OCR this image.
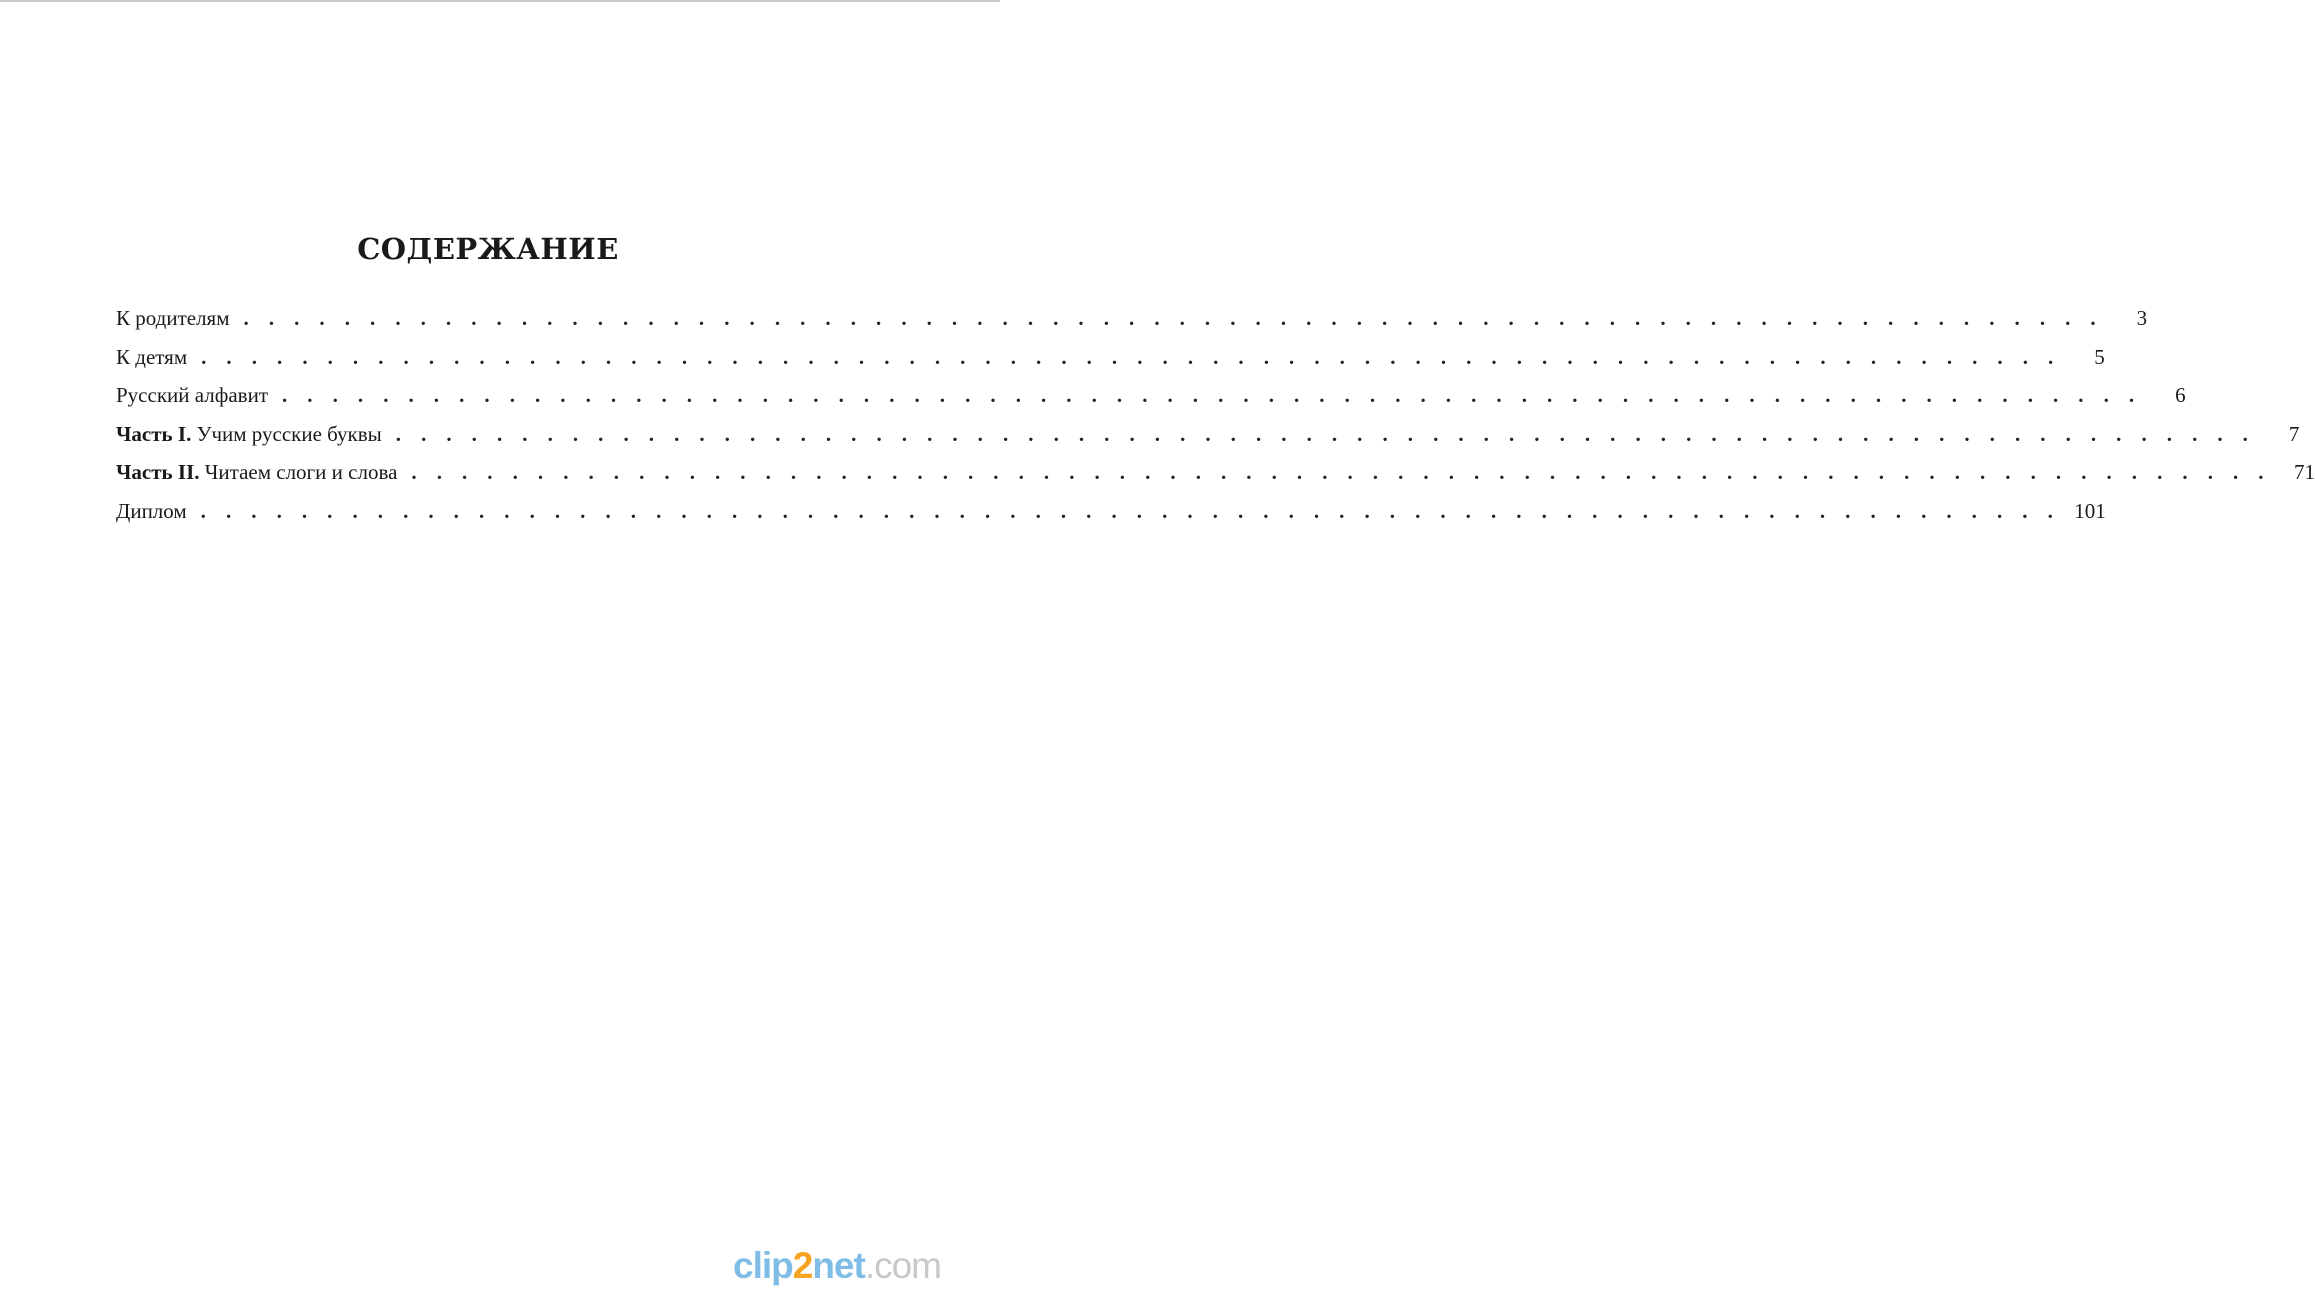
СОДЕРЖАНИЕ
К родителям . . . . . . . . . . . . . . . . . . . . . . . . . . . . . . . . . . . . . . . . . . . . . . . . . . . . . . . . . . . . . . . . . . . . . . . . . .	3
К детям . . . . . . . . . . . . . . . . . . . . . . . . . . . . . . . . . . . . . . . . . . . . . . . . . . . . . . . . . . . . . . . . . . . . . . . . . .	5
Русский алфавит . . . . . . . . . . . . . . . . . . . . . . . . . . . . . . . . . . . . . . . . . . . . . . . . . . . . . . . . . . . . . . . . . . . . . . . . . .	6
Часть I. Учим русские буквы . . . . . . . . . . . . . . . . . . . . . . . . . . . . . . . . . . . . . . . . . . . . . . . . . . . . . . . . . . . . . . . . . . . . . . . . . .	7
Часть II. Читаем слоги и слова . . . . . . . . . . . . . . . . . . . . . . . . . . . . . . . . . . . . . . . . . . . . . . . . . . . . . . . . . . . . . . . . . . . . . . . . . .	71
Диплом . . . . . . . . . . . . . . . . . . . . . . . . . . . . . . . . . . . . . . . . . . . . . . . . . . . . . . . . . . . . . . . . . . . . . . . . . . 101
clip2net.com
